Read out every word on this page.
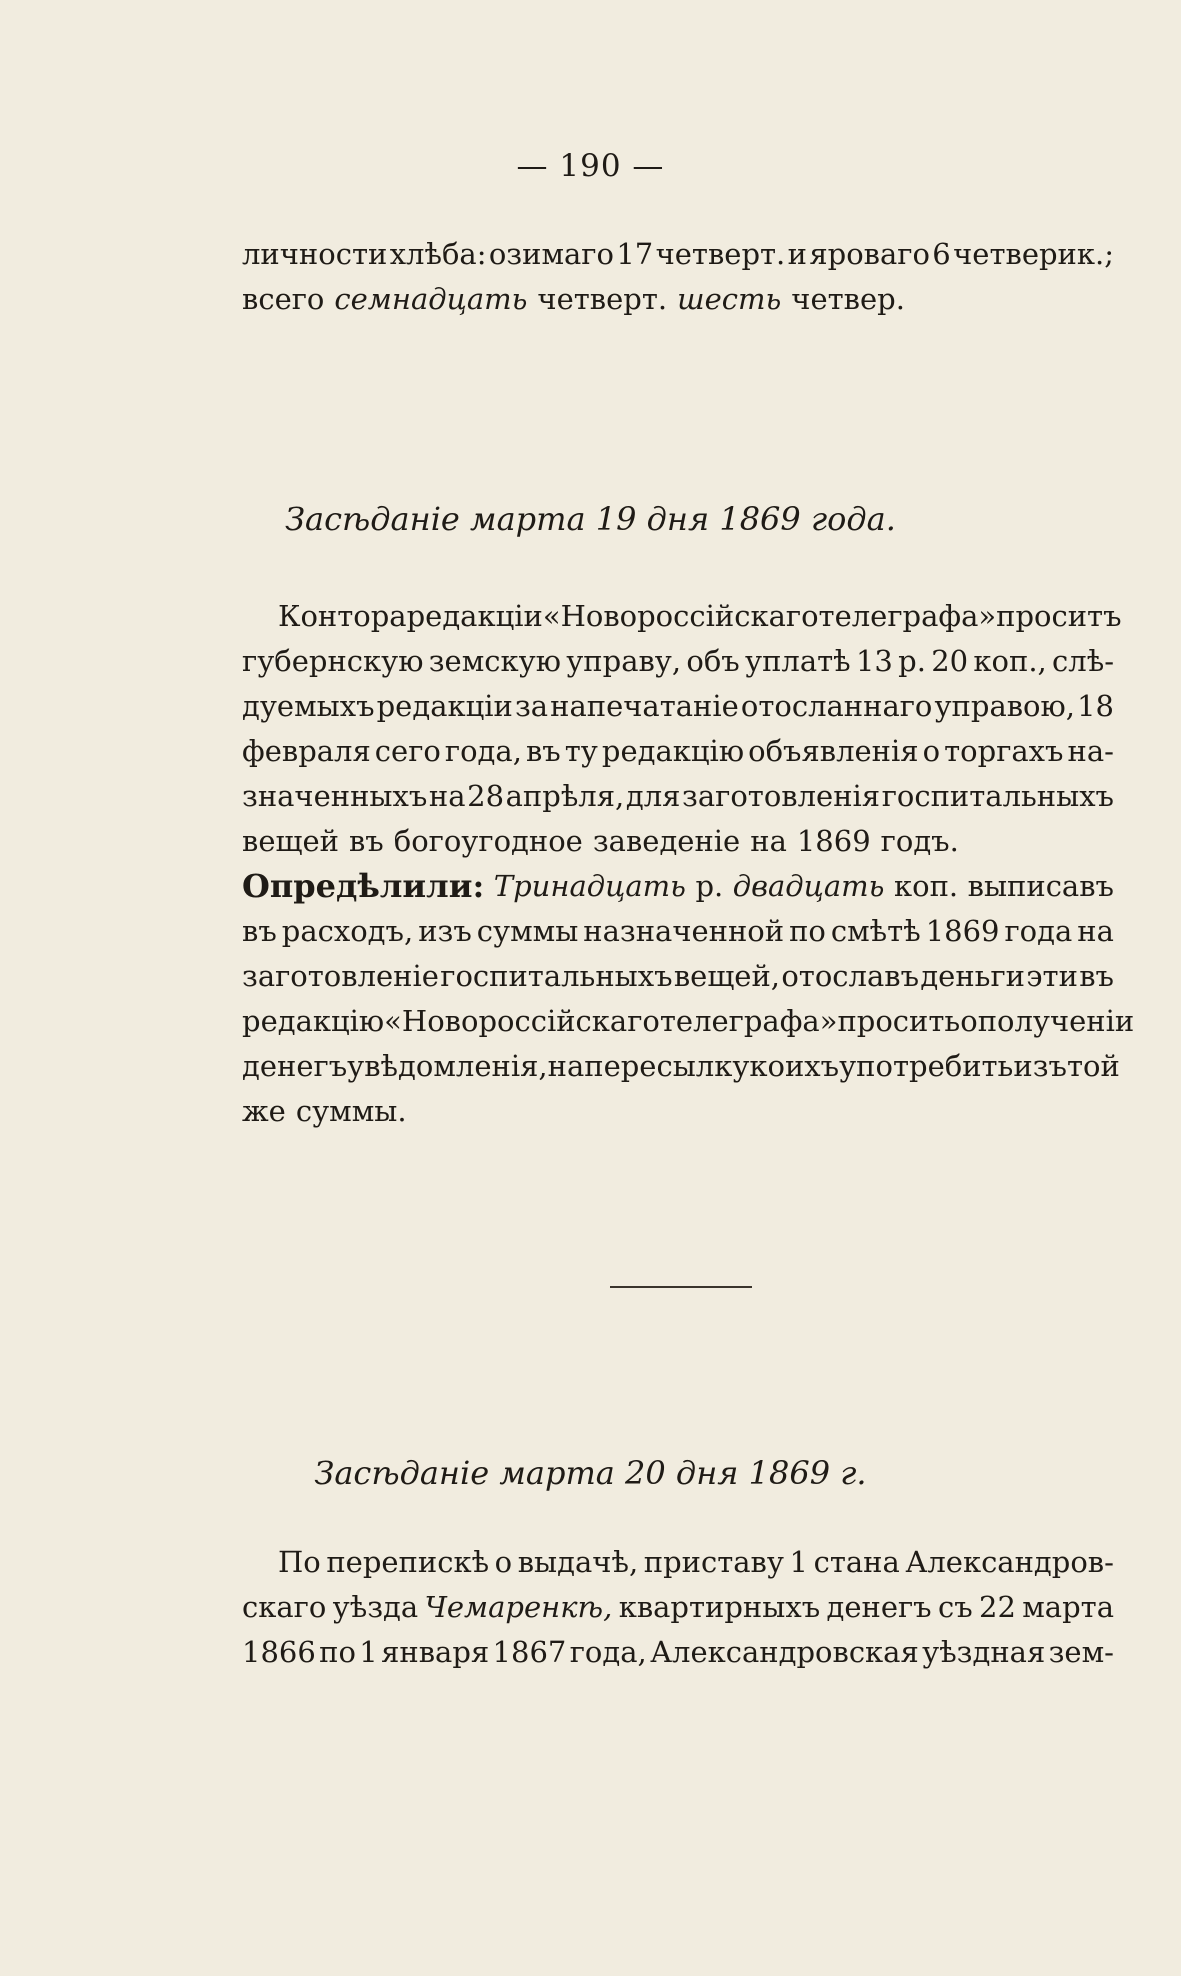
— 190 —
личности хлѣба: озимаго 17 четверт. и яроваго 6 четверик.;
всего семнадцать четверт. шесть четвер.
Засѣданіе марта 19 дня 1869 года.
Контора редакціи «Новороссійскаго телеграфа» проситъ
губернскую земскую управу, объ уплатѣ 13 р. 20 коп., слѣ-
дуемыхъ редакціи за напечатаніе отосланнаго управою, 18
февраля сего года, въ ту редакцію объявленія о торгахъ на-
значенныхъ на 28 апрѣля, для заготовленія госпитальныхъ
вещей въ богоугодное заведеніе на 1869 годъ.
Опредѣлили: Тринадцать р. двадцать коп. выписавъ
въ расходъ, изъ суммы назначенной по смѣтѣ 1869 года на
заготовленіе госпитальныхъ вещей, отославъ деньги эти въ
редакцію «Новороссійскаго телеграфа» просить о полученіи
денегъ увѣдомленія, на пересылку коихъ употребить изъ той
же суммы.
Засѣданіе марта 20 дня 1869 г.
По перепискѣ о выдачѣ, приставу 1 стана Александров-
скаго уѣзда Чемаренкѣ, квартирныхъ денегъ съ 22 марта
1866 по 1 января 1867 года, Александровская уѣздная зем-
